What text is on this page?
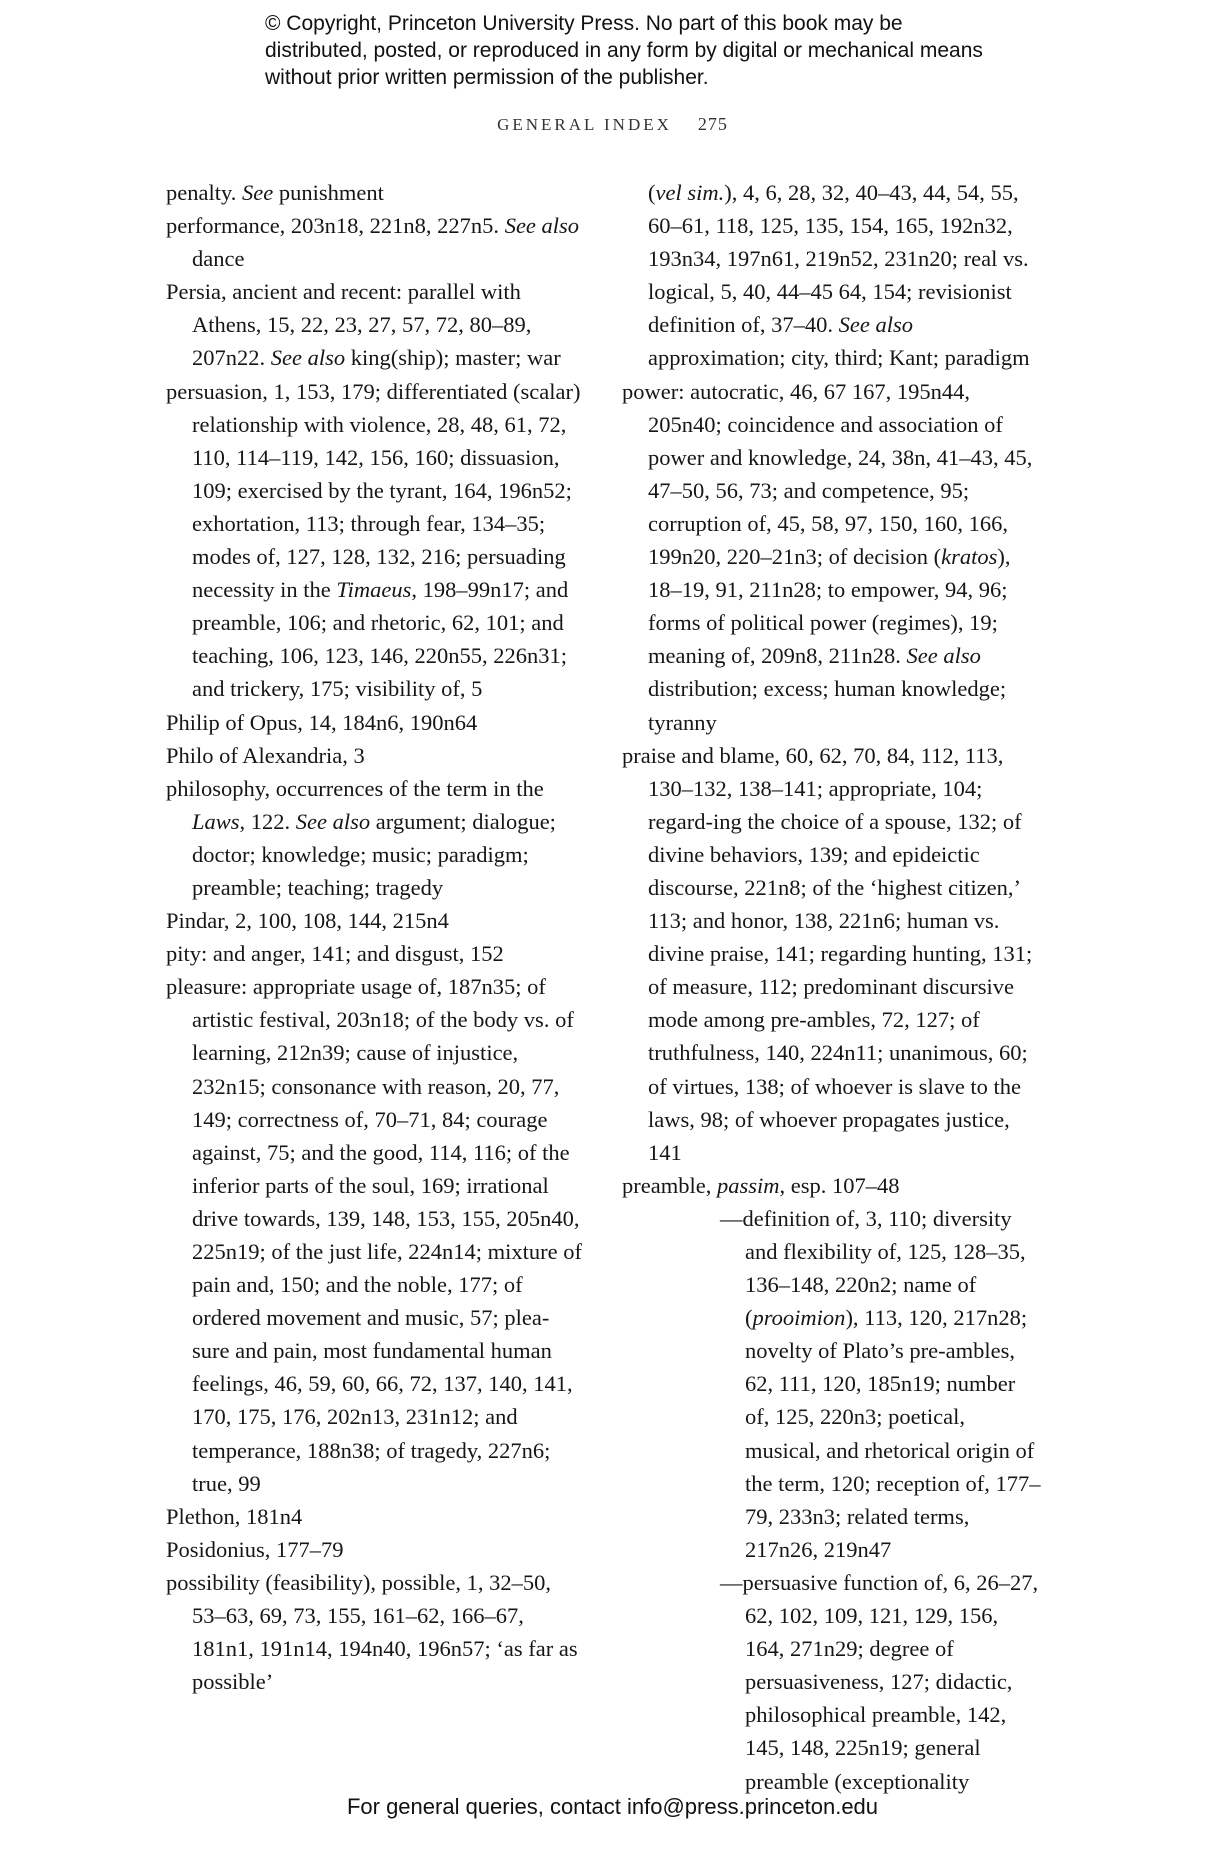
© Copyright, Princeton University Press. No part of this book may be distributed, posted, or reproduced in any form by digital or mechanical means without prior written permission of the publisher.
GENERAL INDEX 275

penalty. See punishment

performance, 203n18, 221n8, 227n5. See also dance

Persia, ancient and recent: parallel with Athens, 15, 22, 23, 27, 57, 72, 80–89, 207n22. See also king(ship); master; war

persuasion, 1, 153, 179; differentiated (scalar) relationship with violence, 28, 48, 61, 72, 110, 114–119, 142, 156, 160; dissuasion, 109; exercised by the tyrant, 164, 196n52; exhortation, 113; through fear, 134–35; modes of, 127, 128, 132, 216; persuading necessity in the Timaeus, 198–99n17; and preamble, 106; and rhetoric, 62, 101; and teaching, 106, 123, 146, 220n55, 226n31; and trickery, 175; visibility of, 5

Philip of Opus, 14, 184n6, 190n64

Philo of Alexandria, 3

philosophy, occurrences of the term in the Laws, 122. See also argument; dialogue; doctor; knowledge; music; paradigm; preamble; teaching; tragedy

Pindar, 2, 100, 108, 144, 215n4

pity: and anger, 141; and disgust, 152

pleasure: appropriate usage of, 187n35; of artistic festival, 203n18; of the body vs. of learning, 212n39; cause of injustice, 232n15; consonance with reason, 20, 77, 149; correctness of, 70–71, 84; courage against, 75; and the good, 114, 116; of the inferior parts of the soul, 169; irrational drive towards, 139, 148, 153, 155, 205n40, 225n19; of the just life, 224n14; mixture of pain and, 150; and the noble, 177; of ordered movement and music, 57; plea-sure and pain, most fundamental human feelings, 46, 59, 60, 66, 72, 137, 140, 141, 170, 175, 176, 202n13, 231n12; and temperance, 188n38; of tragedy, 227n6; true, 99

Plethon, 181n4

Posidonius, 177–79

possibility (feasibility), possible, 1, 32–50, 53–63, 69, 73, 155, 161–62, 166–67, 181n1, 191n14, 194n40, 196n57; ‘as far as possible’

(vel sim.), 4, 6, 28, 32, 40–43, 44, 54, 55, 60–61, 118, 125, 135, 154, 165, 192n32, 193n34, 197n61, 219n52, 231n20; real vs. logical, 5, 40, 44–45 64, 154; revisionist definition of, 37–40. See also approximation; city, third; Kant; paradigm

power: autocratic, 46, 67 167, 195n44, 205n40; coincidence and association of power and knowledge, 24, 38n, 41–43, 45, 47–50, 56, 73; and competence, 95; corruption of, 45, 58, 97, 150, 160, 166, 199n20, 220–21n3; of decision (kratos), 18–19, 91, 211n28; to empower, 94, 96; forms of political power (regimes), 19; meaning of, 209n8, 211n28. See also distribution; excess; human knowledge; tyranny

praise and blame, 60, 62, 70, 84, 112, 113, 130–132, 138–141; appropriate, 104; regard-ing the choice of a spouse, 132; of divine behaviors, 139; and epideictic discourse, 221n8; of the ‘highest citizen,’ 113; and honor, 138, 221n6; human vs. divine praise, 141; regarding hunting, 131; of measure, 112; predominant discursive mode among pre-ambles, 72, 127; of truthfulness, 140, 224n11; unanimous, 60; of virtues, 138; of whoever is slave to the laws, 98; of whoever propagates justice, 141

preamble, passim, esp. 107–48

—definition of, 3, 110; diversity and flexibility of, 125, 128–35, 136–148, 220n2; name of (prooimion), 113, 120, 217n28; novelty of Plato’s pre-ambles, 62, 111, 120, 185n19; number of, 125, 220n3; poetical, musical, and rhetorical origin of the term, 120; reception of, 177–79, 233n3; related terms, 217n26, 219n47

—persuasive function of, 6, 26–27, 62, 102, 109, 121, 129, 156, 164, 271n29; degree of persuasiveness, 127; didactic, philosophical preamble, 142, 145, 148, 225n19; general preamble (exceptionality

For general queries, contact info@press.princeton.edu
